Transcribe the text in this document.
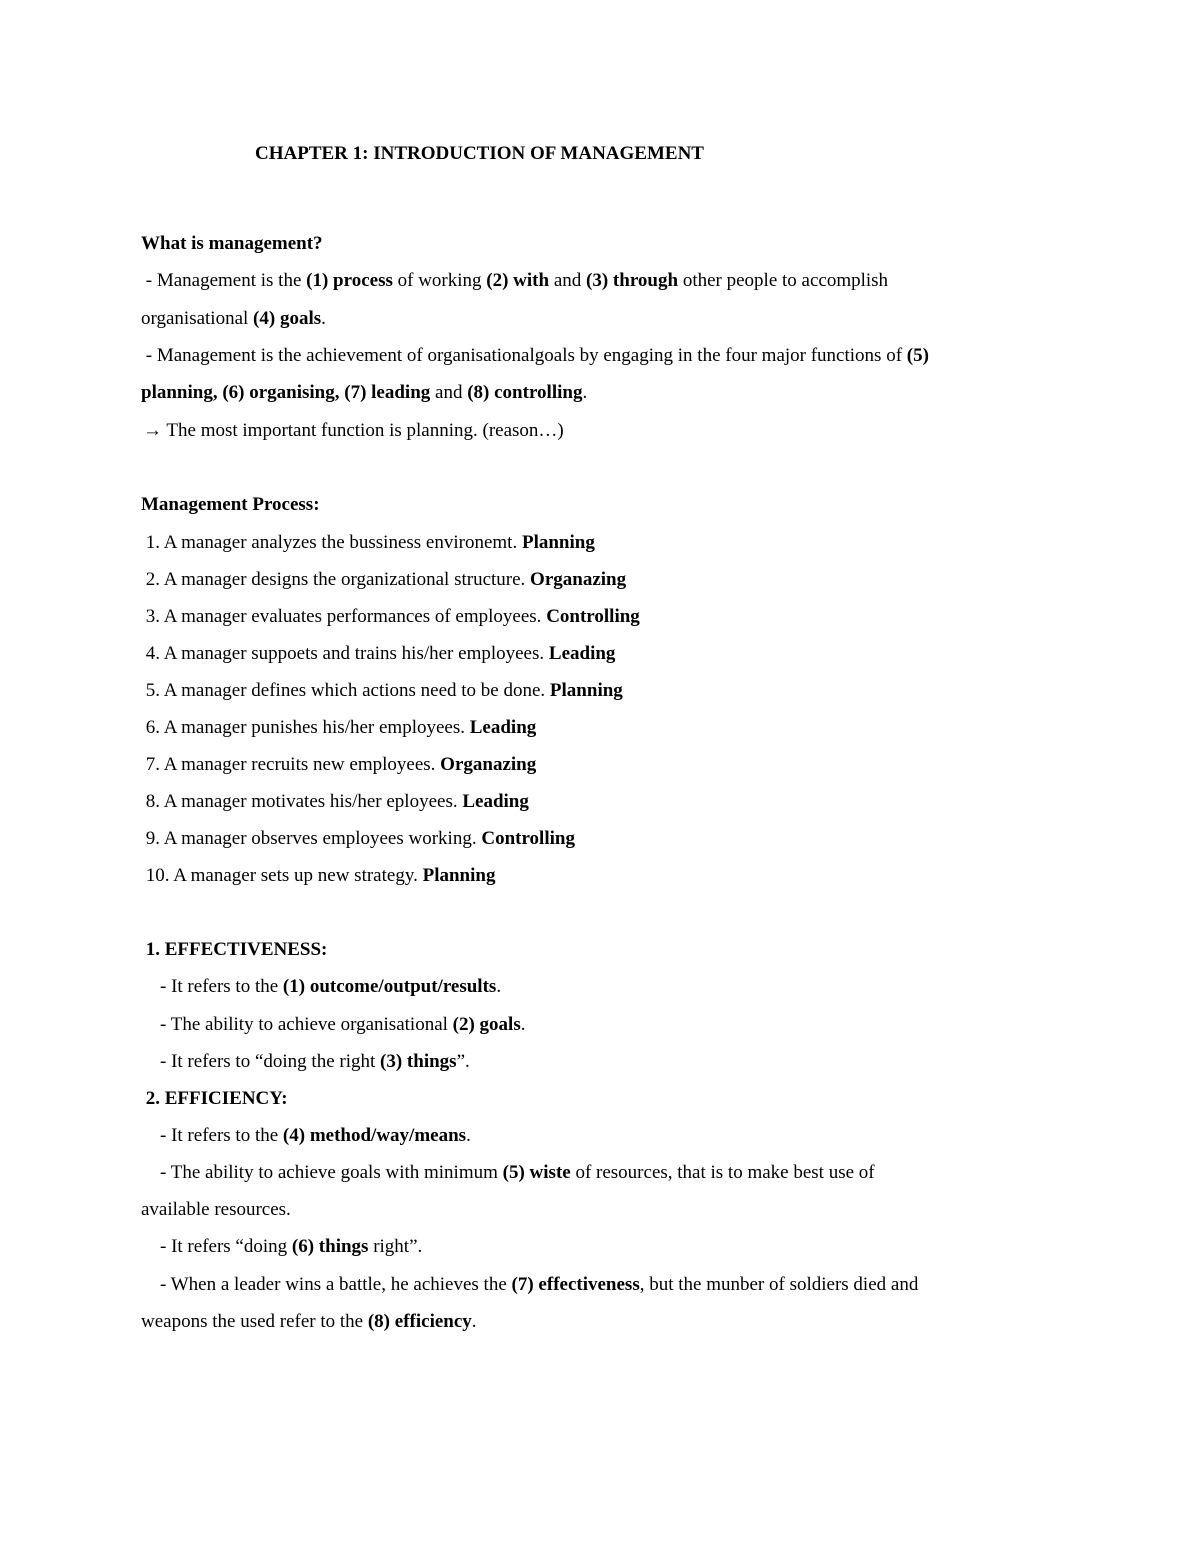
CHAPTER 1: INTRODUCTION OF MANAGEMENT
What is management?
- Management is the (1) process of working (2) with and (3) through other people to accomplish
organisational (4) goals.
- Management is the achievement of organisationalgoals by engaging in the four major functions of (5)
planning, (6) organising, (7) leading and (8) controlling.
→ The most important function is planning. (reason…)
Management Process:
1. A manager analyzes the bussiness environemt. Planning
2. A manager designs the organizational structure. Organazing
3. A manager evaluates performances of employees. Controlling
4. A manager suppoets and trains his/her employees. Leading
5. A manager defines which actions need to be done. Planning
6. A manager punishes his/her employees. Leading
7. A manager recruits new employees. Organazing
8. A manager motivates his/her eployees. Leading
9. A manager observes employees working. Controlling
10. A manager sets up new strategy. Planning
1. EFFECTIVENESS:
- It refers to the (1) outcome/output/results.
- The ability to achieve organisational (2) goals.
- It refers to “doing the right (3) things”.
2. EFFICIENCY:
- It refers to the (4) method/way/means.
- The ability to achieve goals with minimum (5) wiste of resources, that is to make best use of
available resources.
- It refers “doing (6) things right”.
- When a leader wins a battle, he achieves the (7) effectiveness, but the munber of soldiers died and
weapons the used refer to the (8) efficiency.
